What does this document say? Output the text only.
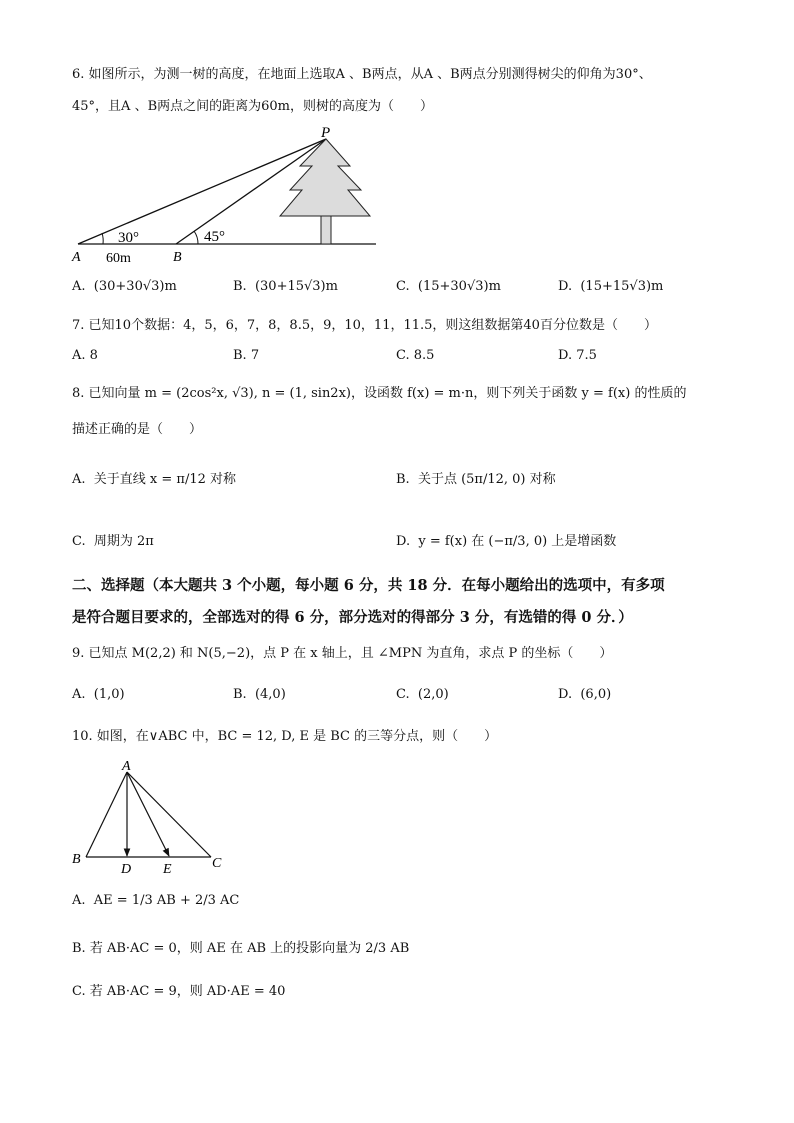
6. 如图所示，为测一树的高度，在地面上选取A 、B两点，从A 、B两点分别测得树尖的仰角为30°、
45°，且A 、B两点之间的距离为60m，则树的高度为（　　）
P
A	B
30°	45°
60m
A. (30+30√3)m	B. (30+15√3)m	C. (15+30√3)m	D. (15+15√3)m
7. 已知10个数据：4，5，6，7，8，8.5，9，10，11，11.5，则这组数据第40百分位数是（　　）
A. 8	B. 7	C. 8.5	D. 7.5
8. 已知向量 m = (2cos²x, √3), n = (1, sin2x)，设函数 f(x) = m·n，则下列关于函数 y = f(x) 的性质的
描述正确的是（　　）
A. 关于直线 x = π/12 对称	B. 关于点 (5π/12, 0) 对称
C. 周期为 2π	D. y = f(x) 在 (−π/3, 0) 上是增函数
二、选择题（本大题共 3 个小题，每小题 6 分，共 18 分．在每小题给出的选项中，有多项
是符合题目要求的，全部选对的得 6 分，部分选对的得部分 3 分，有选错的得 0 分．）
9. 已知点 M(2,2) 和 N(5,−2)，点 P 在 x 轴上，且 ∠MPN 为直角，求点 P 的坐标（　　）
A. (1,0)	B. (4,0)	C. (2,0)	D. (6,0)
10. 如图，在∨ABC 中，BC = 12, D, E 是 BC 的三等分点，则（　　）
A
B	C
D E
A. AE = 1/3 AB + 2/3 AC
B. 若 AB·AC = 0，则 AE 在 AB 上的投影向量为 2/3 AB
C. 若 AB·AC = 9，则 AD·AE = 40
